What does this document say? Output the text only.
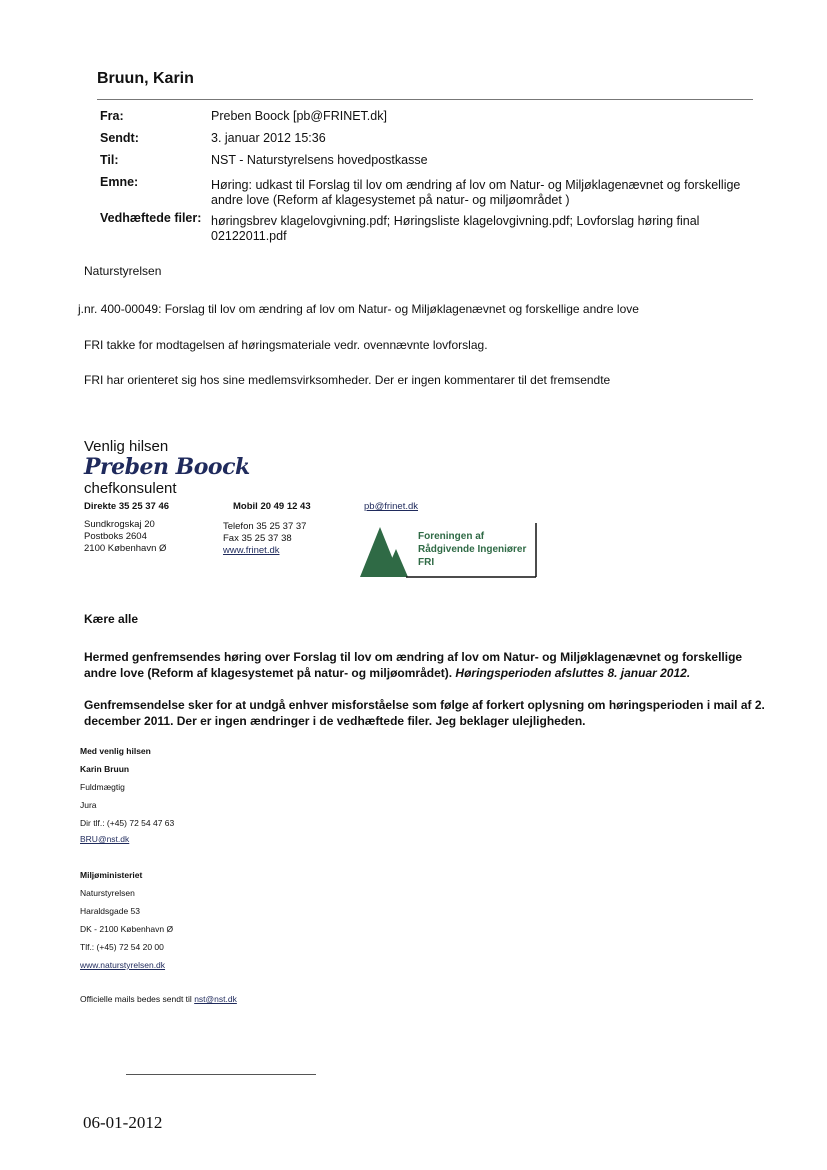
Bruun, Karin
Fra:	Preben Boock [pb@FRINET.dk]
Sendt:	3. januar 2012 15:36
Til:	NST - Naturstyrelsens hovedpostkasse
Emne:	Høring: udkast til Forslag til lov om ændring af lov om Natur- og Miljøklagenævnet og forskellige andre love (Reform af klagesystemet på natur- og miljøområdet )
Vedhæftede filer: høringsbrev klagelovgivning.pdf; Høringsliste klagelovgivning.pdf; Lovforslag høring final 02122011.pdf
Naturstyrelsen
j.nr. 400-00049: Forslag til lov om ændring af lov om Natur- og Miljøklagenævnet og forskellige andre love
FRI takke for modtagelsen af høringsmateriale vedr. ovennævnte lovforslag.
FRI har orienteret sig hos sine medlemsvirksomheder. Der er ingen kommentarer til det fremsendte
Venlig hilsen
Preben Boock
chefkonsulent
Direkte 35 25 37 46	Mobil 20 49 12 43	pb@frinet.dk
Sundkrogskaj 20
Postboks 2604
2100 København Ø
Telefon 35 25 37 37
Fax 35 25 37 38
www.frinet.dk
Foreningen af
Rådgivende Ingeniører
FRI
Kære alle
Hermed genfremsendes høring over Forslag til lov om ændring af lov om Natur- og Miljøklagenævnet og forskellige andre love (Reform af klagesystemet på natur- og miljøområdet). Høringsperioden afsluttes 8. januar 2012.
Genfremsendelse sker for at undgå enhver misforståelse som følge af forkert oplysning om høringsperioden i mail af 2. december 2011. Der er ingen ændringer i de vedhæftede filer. Jeg beklager ulejligheden.
Med venlig hilsen
Karin Bruun
Fuldmægtig
Jura
Dir tlf.: (+45) 72 54 47 63
BRU@nst.dk
Miljøministeriet
Naturstyrelsen
Haraldsgade 53
DK - 2100 København Ø
Tlf.: (+45) 72 54 20 00
www.naturstyrelsen.dk
Officielle mails bedes sendt til nst@nst.dk
06-01-2012
